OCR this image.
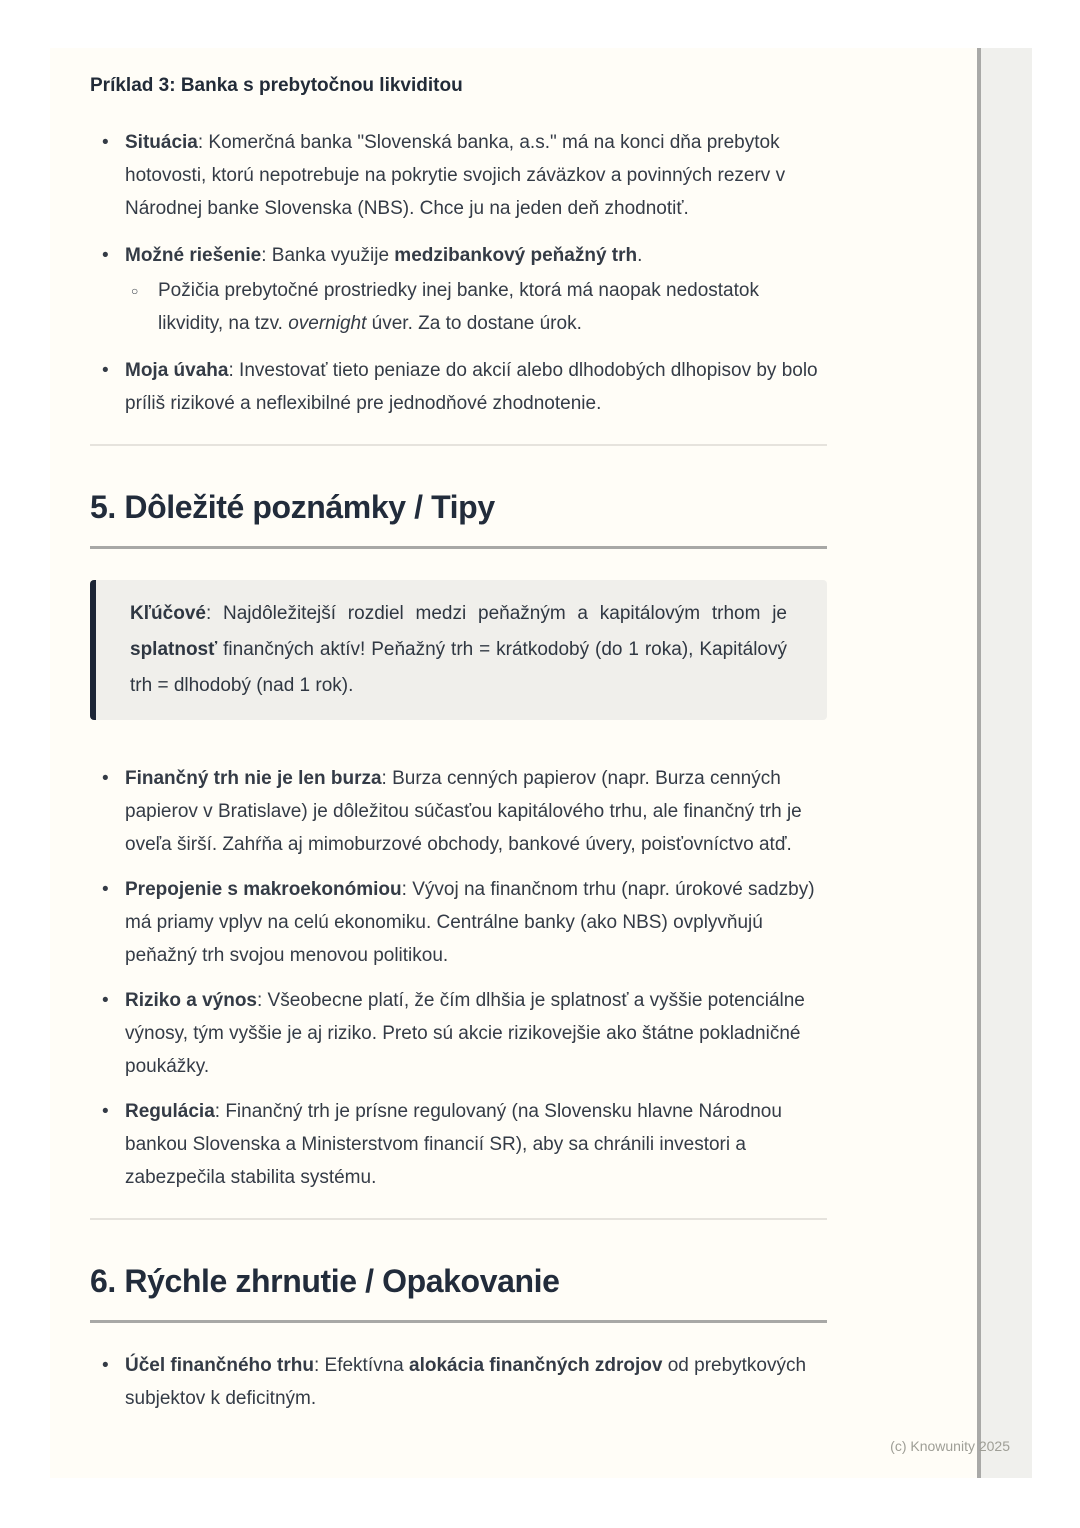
Príklad 3: Banka s prebytočnou likviditou

• Situácia: Komerčná banka "Slovenská banka, a.s." má na konci dňa prebytok hotovosti, ktorú nepotrebuje na pokrytie svojich záväzkov a povinných rezerv v Národnej banke Slovenska (NBS). Chce ju na jeden deň zhodnotiť.
• Možné riešenie: Banka využije medzibankový peňažný trh.
○ Požičia prebytočné prostriedky inej banke, ktorá má naopak nedostatok likvidity, na tzv. overnight úver. Za to dostane úrok.
• Moja úvaha: Investovať tieto peniaze do akcií alebo dlhodobých dlhopisov by bolo príliš rizikové a neflexibilné pre jednodňové zhodnotenie.
5. Dôležité poznámky / Tipy
Kľúčové: Najdôležitejší rozdiel medzi peňažným a kapitálovým trhom je splatnosť finančných aktív! Peňažný trh = krátkodobý (do 1 roka), Kapitálový trh = dlhodobý (nad 1 rok).
• Finančný trh nie je len burza: Burza cenných papierov (napr. Burza cenných papierov v Bratislave) je dôležitou súčasťou kapitálového trhu, ale finančný trh je oveľa širší. Zahŕňa aj mimoburzové obchody, bankové úvery, poisťovníctvo atď.
• Prepojenie s makroekonómiou: Vývoj na finančnom trhu (napr. úrokové sadzby) má priamy vplyv na celú ekonomiku. Centrálne banky (ako NBS) ovplyvňujú peňažný trh svojou menovou politikou.
• Riziko a výnos: Všeobecne platí, že čím dlhšia je splatnosť a vyššie potenciálne výnosy, tým vyššie je aj riziko. Preto sú akcie rizikovejšie ako štátne pokladničné poukážky.
• Regulácia: Finančný trh je prísne regulovaný (na Slovensku hlavne Národnou bankou Slovenska a Ministerstvom financií SR), aby sa chránili investori a zabezpečila stabilita systému.
6. Rýchle zhrnutie / Opakovanie
• Účel finančného trhu: Efektívna alokácia finančných zdrojov od prebytkových subjektov k deficitným.
(c) Knowunity 2025
